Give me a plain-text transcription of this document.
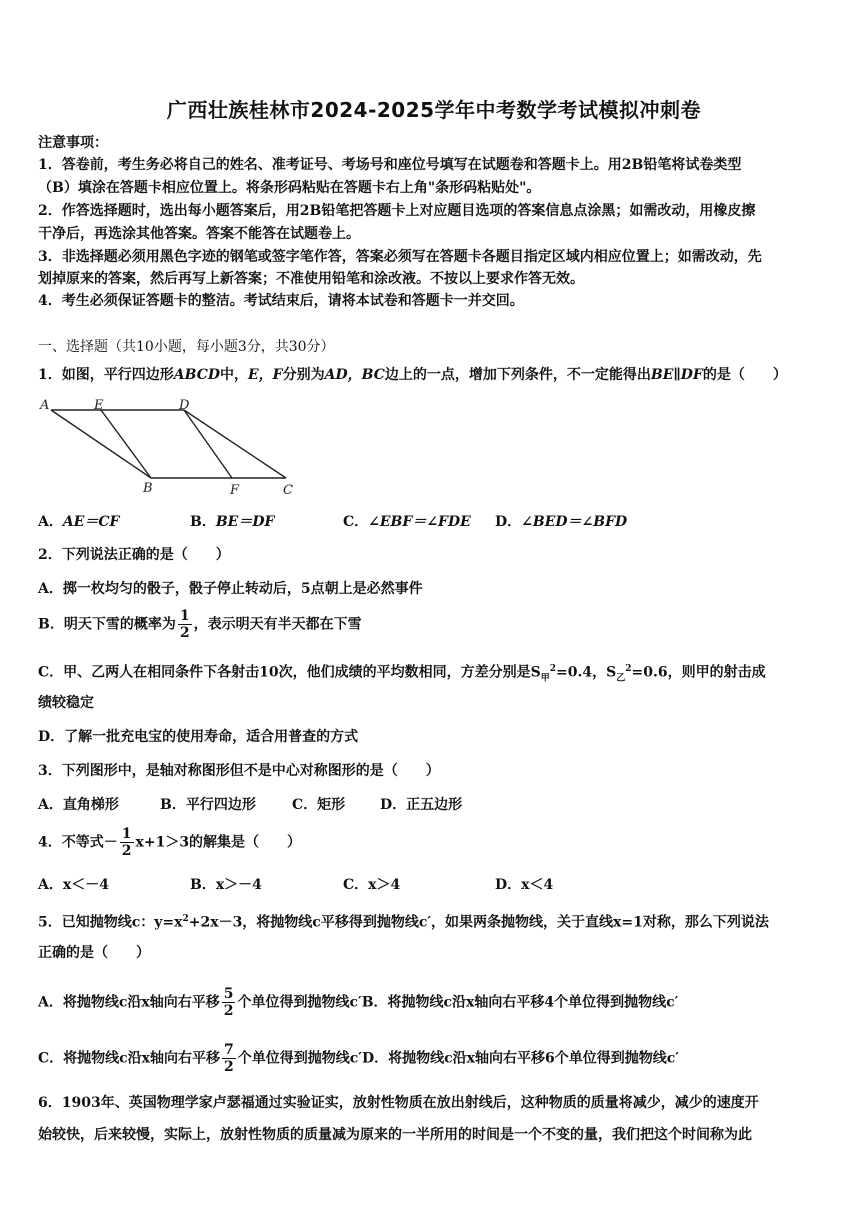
广西壮族桂林市2024-2025学年中考数学考试模拟冲刺卷
注意事项：
1．答卷前，考生务必将自己的姓名、准考证号、考场号和座位号填写在试题卷和答题卡上。用2B铅笔将试卷类型
（B）填涂在答题卡相应位置上。将条形码粘贴在答题卡右上角"条形码粘贴处"。
2．作答选择题时，选出每小题答案后，用2B铅笔把答题卡上对应题目选项的答案信息点涂黑；如需改动，用橡皮擦
干净后，再选涂其他答案。答案不能答在试题卷上。
3．非选择题必须用黑色字迹的钢笔或签字笔作答，答案必须写在答题卡各题目指定区域内相应位置上；如需改动，先
划掉原来的答案，然后再写上新答案；不准使用铅笔和涂改液。不按以上要求作答无效。
4．考生必须保证答题卡的整洁。考试结束后，请将本试卷和答题卡一并交回。
一、选择题（共10小题，每小题3分，共30分）
1．如图，平行四边形ABCD中，E，F分别为AD，BC边上的一点，增加下列条件，不一定能得出BE∥DF的是（　　）
A	E	D
B	F	C
A．AE＝CF	B．BE＝DF	C．∠EBF＝∠FDE D．∠BED＝∠BFD
2．下列说法正确的是（　　）
A．掷一枚均匀的骰子，骰子停止转动后，5点朝上是必然事件
B．明天下雪的概率为 $\frac{1}{2}$ ，表示明天有半天都在下雪
C．甲、乙两人在相同条件下各射击10次，他们成绩的平均数相同，方差分别是$S_甲^2=0.4$，$S_乙^2=0.6$，则甲的射击成
绩较稳定
D．了解一批充电宝的使用寿命，适合用普查的方式
3．下列图形中，是轴对称图形但不是中心对称图形的是（　　）
A．直角梯形	B．平行四边形	C．矩形 D．正五边形
4．不等式－ $\frac{1}{2} x+1>3$的解集是（　　）
A．x＜－4	B．x＞－4	C．x＞4	D．x＜4
5．已知抛物线c：$y=x^2+2x-3$，将抛物线c平移得到抛物线c′，如果两条抛物线，关于直线x=1对称，那么下列说法
正确的是（　　）
A．将抛物线c沿x轴向右平移 $\frac{5}{2}$ 个单位得到抛物线c′B．将抛物线c沿x轴向右平移4个单位得到抛物线c′
C．将抛物线c沿x轴向右平移 $\frac{7}{2}$ 个单位得到抛物线c′D．将抛物线c沿x轴向右平移6个单位得到抛物线c′
6．1903年、英国物理学家卢瑟福通过实验证实，放射性物质在放出射线后，这种物质的质量将减少，减少的速度开
始较快，后来较慢，实际上，放射性物质的质量减为原来的一半所用的时间是一个不变的量，我们把这个时间称为此
